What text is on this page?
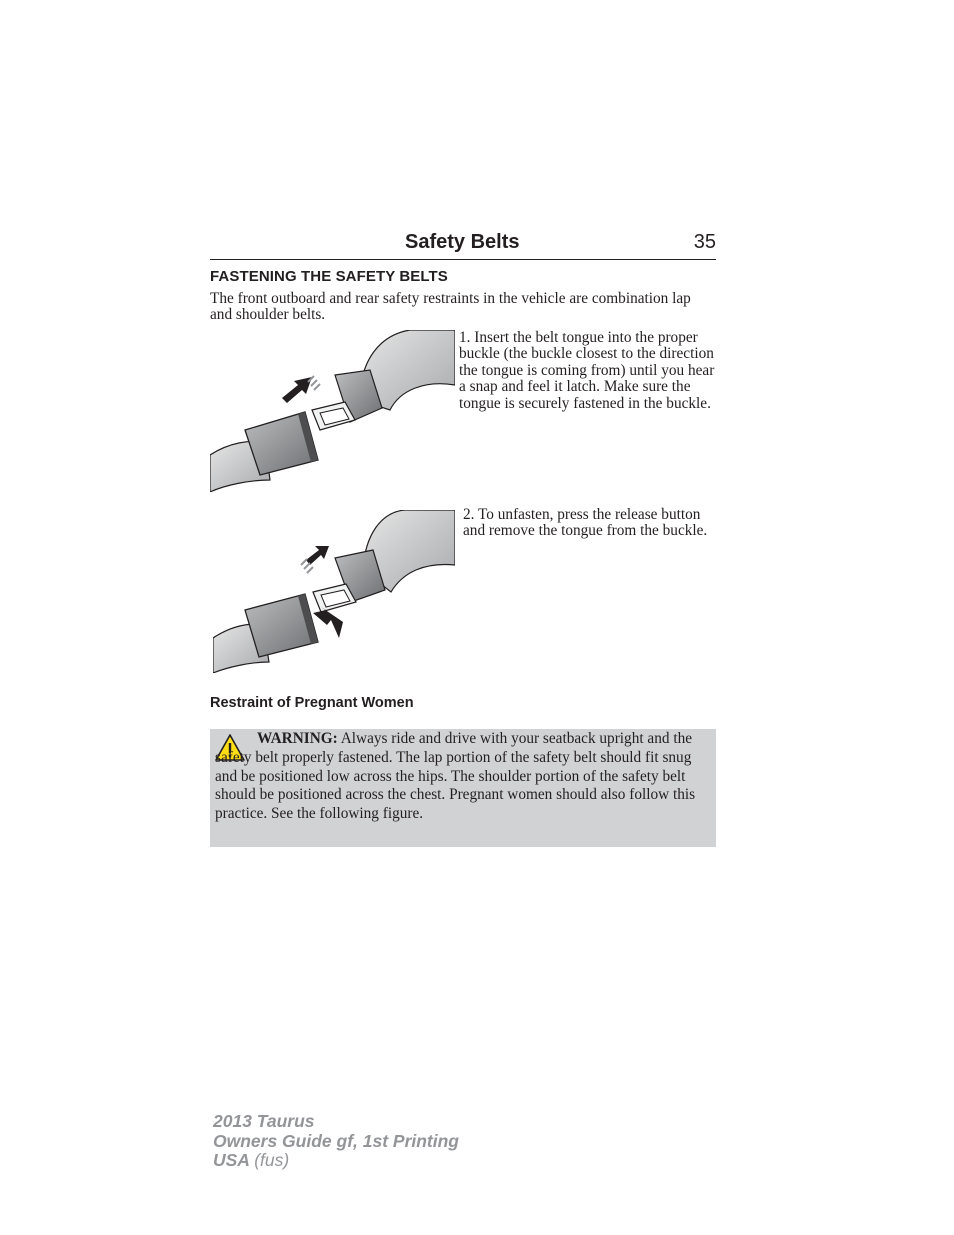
Safety Belts	35
FASTENING THE SAFETY BELTS
The front outboard and rear safety restraints in the vehicle are combination lap and shoulder belts.
1. Insert the belt tongue into the proper buckle (the buckle closest to the direction the tongue is coming from) until you hear a snap and feel it latch. Make sure the tongue is securely fastened in the buckle.
2. To unfasten, press the release button and remove the tongue from the buckle.
Restraint of Pregnant Women
WARNING: Always ride and drive with your seatback upright and the safety belt properly fastened. The lap portion of the safety belt should fit snug and be positioned low across the hips. The shoulder portion of the safety belt should be positioned across the chest. Pregnant women should also follow this practice. See the following figure.
2013 Taurus
Owners Guide gf, 1st Printing
USA (fus)
